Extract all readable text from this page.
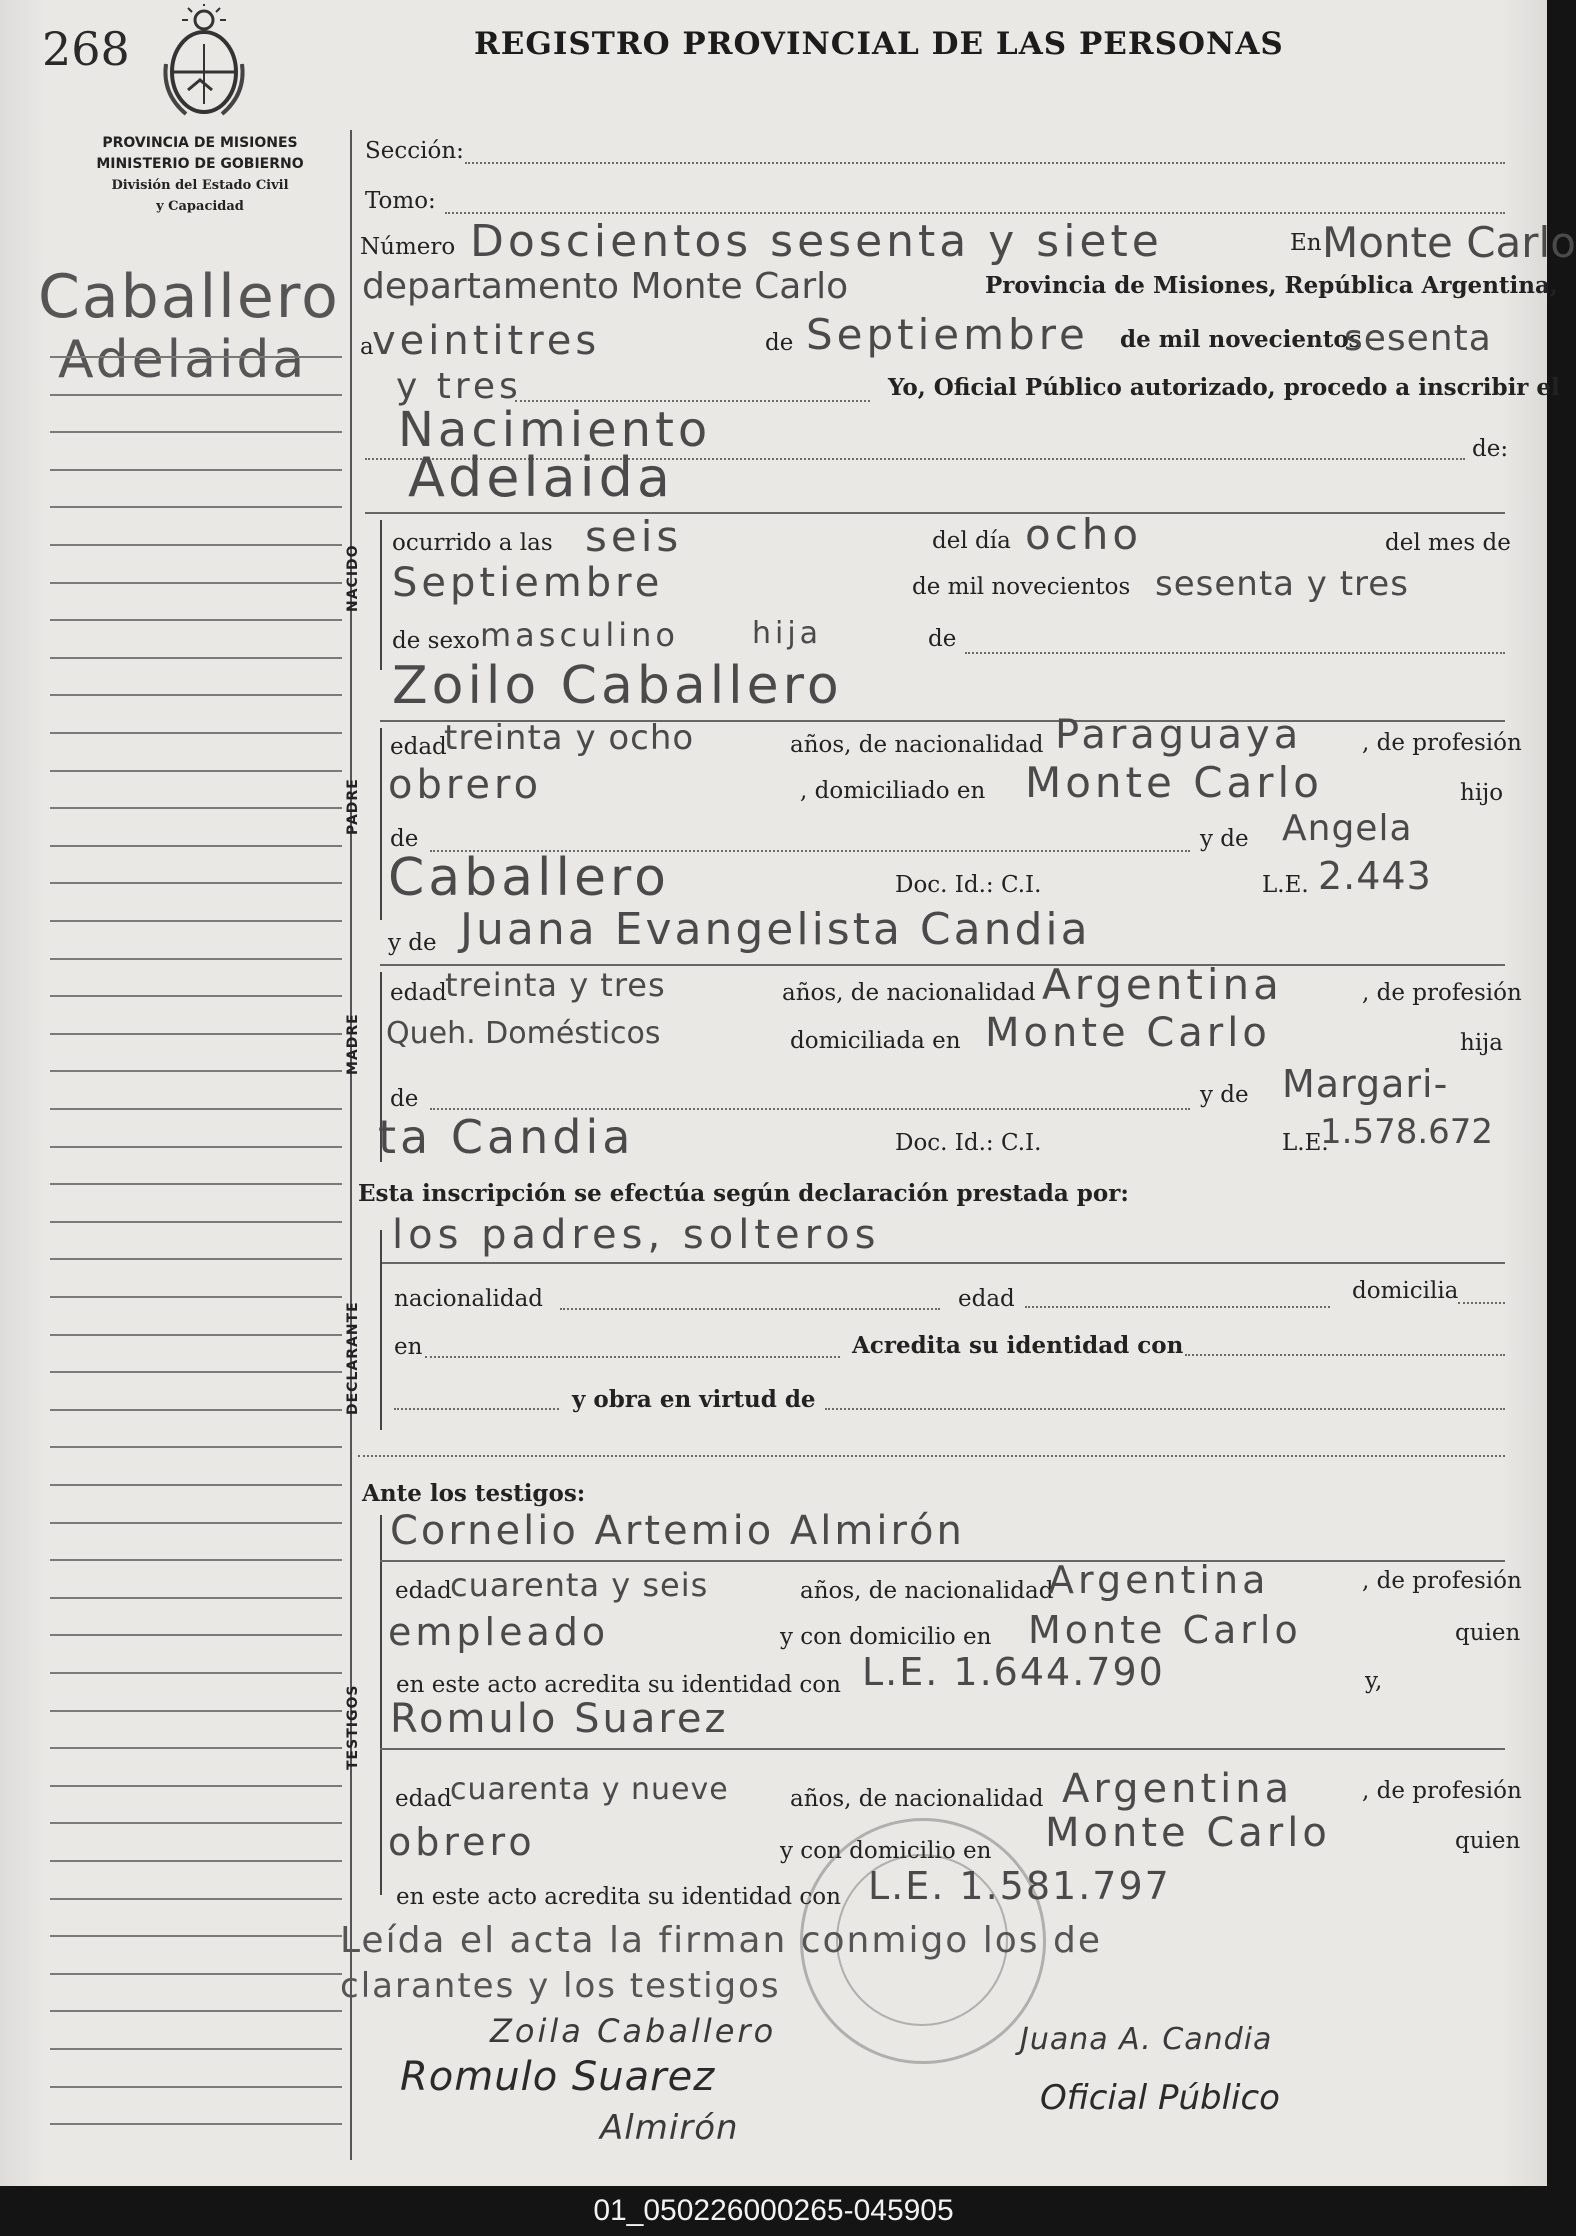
268	REGISTRO PROVINCIAL DE LAS PERSONAS
PROVINCIA DE MISIONES
MINISTERIO DE GOBIERNO
División del Estado Civil
y Capacidad
Caballero
Adelaida
Sección:
Tomo:
Número Doscientos sesenta y siete	En Monte Carlo
departamento Monte Carlo	Provincia de Misiones, República Argentina,
a
veintitres	de Septiembre de mil novecientos
sesenta
y tres	Yo, Oficial Público autorizado, procedo a inscribir el
Nacimiento	de:
Adelaida
NACIDO
ocurrido a las seis	del día ocho	del mes de
Septiembre	de mil novecientos sesenta y tres
de sexo masculino hija	de
Zoilo Caballero
PADRE
edad
treinta y ocho	años, de nacionalidad Paraguaya	, de profesión
obrero	, domiciliado en Monte Carlo	hijo
de	y de Angela
Caballero	Doc. Id.: C.I.	L.E. 2.443
y de Juana Evangelista Candia
MADRE
edad
treinta y tres	años, de nacionalidad Argentina	, de profesión
Queh. Domésticos	domiciliada en Monte Carlo	hija
de	y de Margari-
ta Candia	Doc. Id.: C.I.	L.E.
1.578.672
Esta inscripción se efectúa según declaración prestada por:
los padres, solteros
DECLARANTE
nacionalidad	edad	domicilia
en	Acredita su identidad con
y obra en virtud de
Ante los testigos:
TESTIGOS
Cornelio Artemio Almirón
edad
cuarenta y seis	años, de nacionalidad
Argentina	, de profesión
empleado	y con domicilio en Monte Carlo	quien
en este acto acredita su identidad con L.E. 1.644.790	y,
Romulo Suarez
edad
cuarenta y nueve	años, de nacionalidad Argentina	, de profesión
obrero	y con domicilio en Monte Carlo	quien
en este acto acredita su identidad con L.E. 1.581.797
Leída el acta la firman conmigo los de
clarantes y los testigos
Zoila Caballero	Juana A. Candia
Romulo Suarez
Almirón
Oficial Público
01_050226000265-045905
